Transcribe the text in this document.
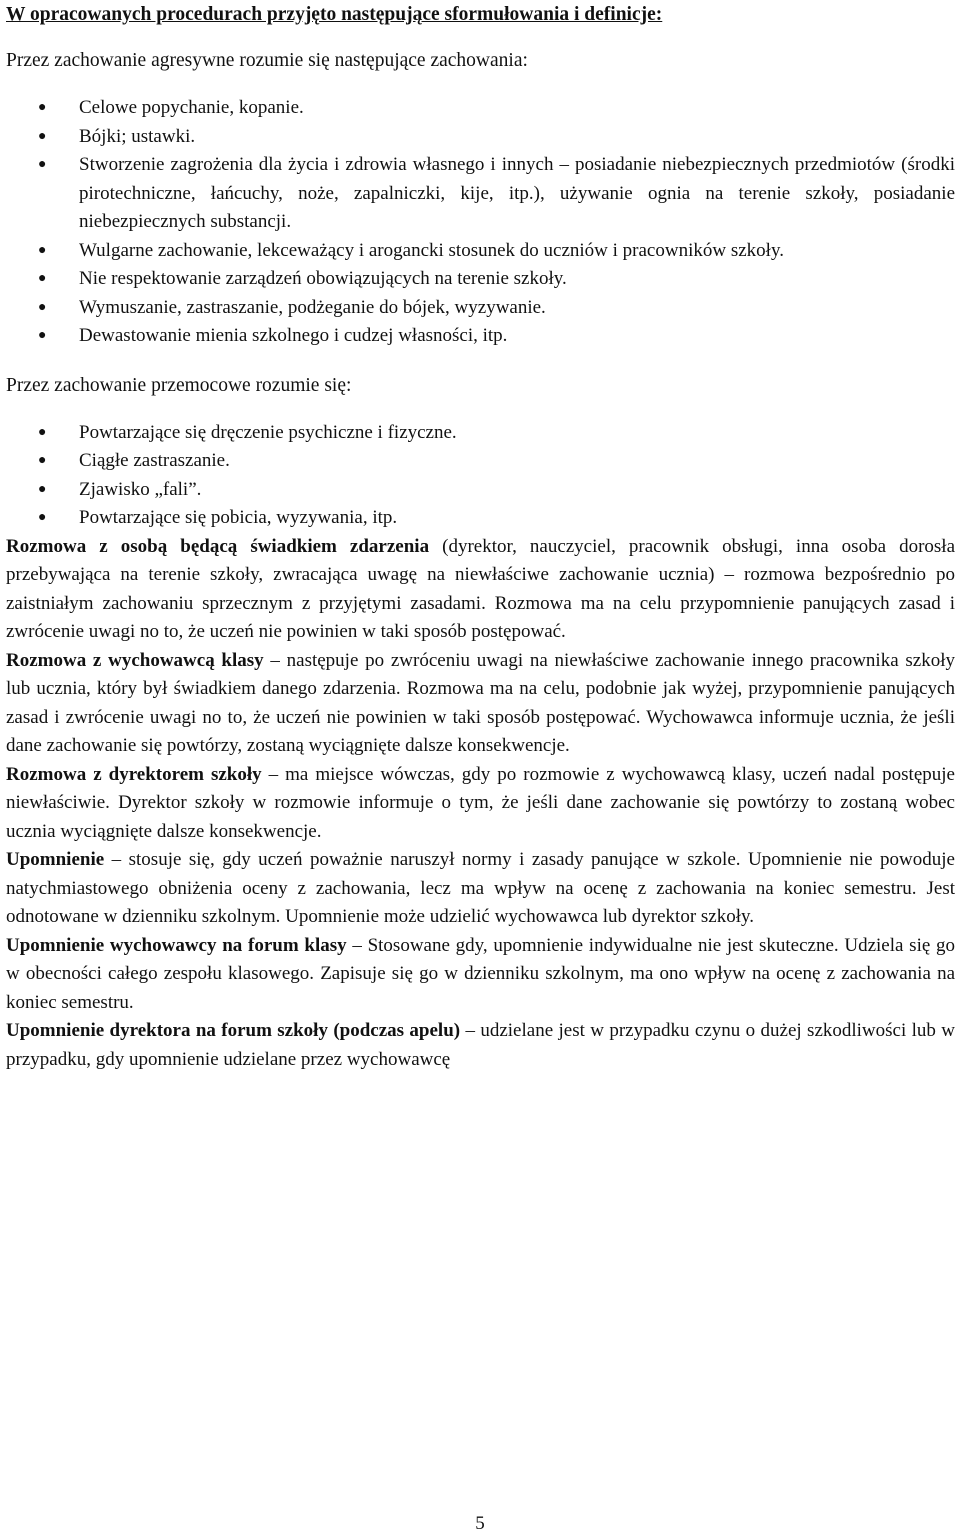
W opracowanych procedurach przyjęto następujące sformułowania i definicje:

Przez zachowanie agresywne rozumie się następujące zachowania:

● Celowe popychanie, kopanie.
● Bójki; ustawki.
● Stworzenie zagrożenia dla życia i zdrowia własnego i innych – posiadanie niebezpiecznych przedmiotów (środki pirotechniczne, łańcuchy, noże, zapalniczki, kije, itp.), używanie ognia na terenie szkoły, posiadanie niebezpiecznych substancji.
● Wulgarne zachowanie, lekceważący i arogancki stosunek do uczniów i pracowników szkoły.
● Nie respektowanie zarządzeń obowiązujących na terenie szkoły.
● Wymuszanie, zastraszanie, podżeganie do bójek, wyzywanie.
● Dewastowanie mienia szkolnego i cudzej własności, itp.

Przez zachowanie przemocowe rozumie się:

● Powtarzające się dręczenie psychiczne i fizyczne.
● Ciągłe zastraszanie.
● Zjawisko „fali”.
● Powtarzające się pobicia, wyzywania, itp.

Rozmowa z osobą będącą świadkiem zdarzenia (dyrektor, nauczyciel, pracownik obsługi, inna osoba dorosła przebywająca na terenie szkoły, zwracająca uwagę na niewłaściwe zachowanie ucznia) – rozmowa bezpośrednio po zaistniałym zachowaniu sprzecznym z przyjętymi zasadami. Rozmowa ma na celu przypomnienie panujących zasad i zwrócenie uwagi no to, że uczeń nie powinien w taki sposób postępować.

Rozmowa z wychowawcą klasy – następuje po zwróceniu uwagi na niewłaściwe zachowanie innego pracownika szkoły lub ucznia, który był świadkiem danego zdarzenia. Rozmowa ma na celu, podobnie jak wyżej, przypomnienie panujących zasad i zwrócenie uwagi no to, że uczeń nie powinien w taki sposób postępować. Wychowawca informuje ucznia, że jeśli dane zachowanie się powtórzy, zostaną wyciągnięte dalsze konsekwencje.

Rozmowa z dyrektorem szkoły – ma miejsce wówczas, gdy po rozmowie z wychowawcą klasy, uczeń nadal postępuje niewłaściwie. Dyrektor szkoły w rozmowie informuje o tym, że jeśli dane zachowanie się powtórzy to zostaną wobec ucznia wyciągnięte dalsze konsekwencje.

Upomnienie – stosuje się, gdy uczeń poważnie naruszył normy i zasady panujące w szkole. Upomnienie nie powoduje natychmiastowego obniżenia oceny z zachowania, lecz ma wpływ na ocenę z zachowania na koniec semestru. Jest odnotowane w dzienniku szkolnym. Upomnienie może udzielić wychowawca lub dyrektor szkoły.

Upomnienie wychowawcy na forum klasy – Stosowane gdy, upomnienie indywidualne nie jest skuteczne. Udziela się go w obecności całego zespołu klasowego. Zapisuje się go w dzienniku szkolnym, ma ono wpływ na ocenę z zachowania na koniec semestru.

Upomnienie dyrektora na forum szkoły (podczas apelu) – udzielane jest w przypadku czynu o dużej szkodliwości lub w przypadku, gdy upomnienie udzielane przez wychowawcę

5
